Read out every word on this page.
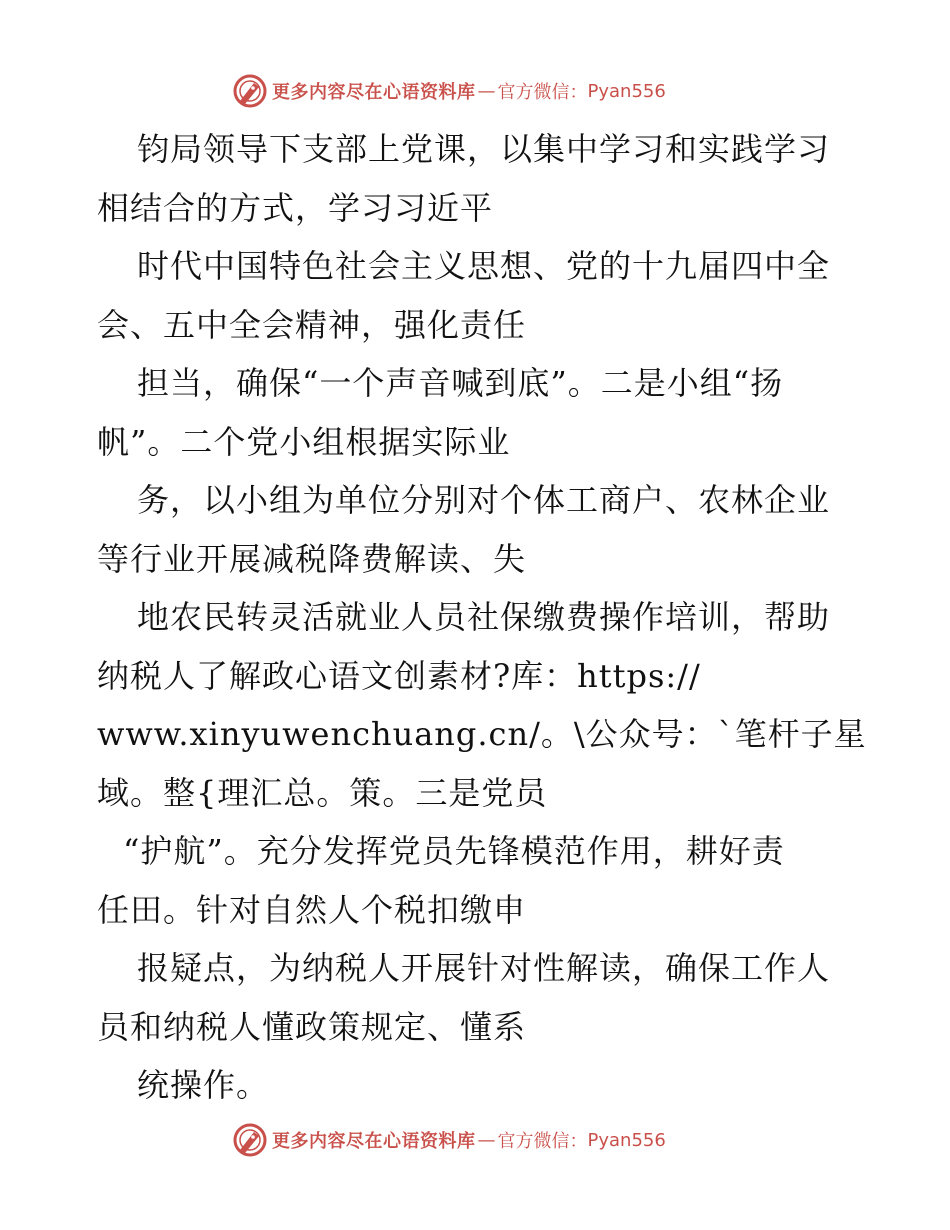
更多内容尽在心语资料库 — 官方微信： Pyan556
钧局领导下支部上党课，以集中学习和实践学习
相结合的方式，学习习近平
时代中国特色社会主义思想、党的十九届四中全
会、五中全会精神，强化责任
担当，确保“一个声音喊到底”。二是小组“扬
帆”。二个党小组根据实际业
务，以小组为单位分别对个体工商户、农林企业
等行业开展减税降费解读、失
地农民转灵活就业人员社保缴费操作培训，帮助
纳税人了解政心语文创素材?库：https://
www.xinyuwenchuang.cn/。\公众号：`笔杆子星
域。整{理汇总。策。三是党员
“护航”。充分发挥党员先锋模范作用，耕好责
任田。针对自然人个税扣缴申
报疑点，为纳税人开展针对性解读，确保工作人
员和纳税人懂政策规定、懂系
统操作。
更多内容尽在心语资料库 — 官方微信： Pyan556
